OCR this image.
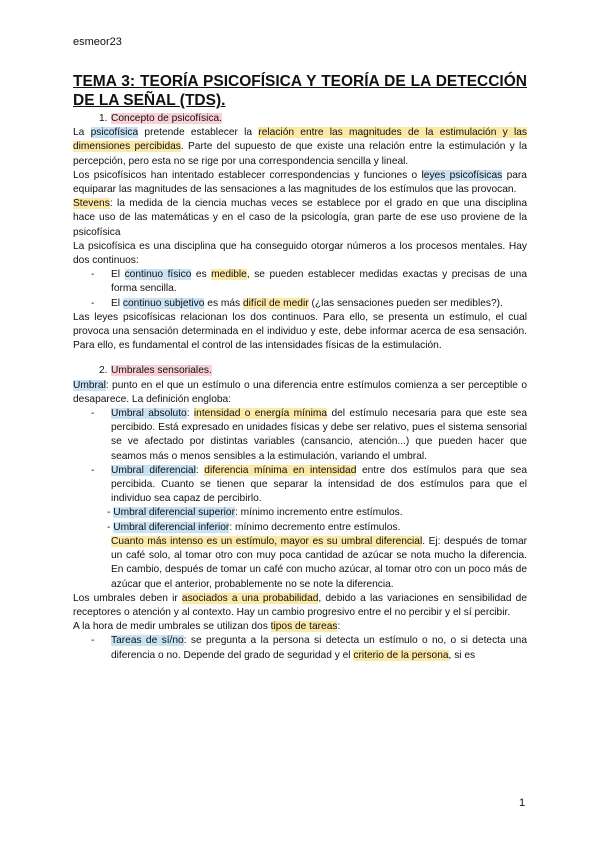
esmeor23
TEMA 3: TEORÍA PSICOFÍSICA Y TEORÍA DE LA DETECCIÓN DE LA SEÑAL (TDS).
1. Concepto de psicofísica.

La psicofísica pretende establecer la relación entre las magnitudes de la estimulación y las dimensiones percibidas. Parte del supuesto de que existe una relación entre la estimulación y la percepción, pero esta no se rige por una correspondencia sencilla y lineal.

Los psicofísicos han intentado establecer correspondencias y funciones o leyes psicofísicas para equiparar las magnitudes de las sensaciones a las magnitudes de los estímulos que las provocan.

Stevens: la medida de la ciencia muchas veces se establece por el grado en que una disciplina hace uso de las matemáticas y en el caso de la psicología, gran parte de ese uso proviene de la psicofísica

La psicofísica es una disciplina que ha conseguido otorgar números a los procesos mentales. Hay dos continuos:

- El continuo físico es medible, se pueden establecer medidas exactas y precisas de una forma sencilla.
- El continuo subjetivo es más difícil de medir (¿las sensaciones pueden ser medibles?).

Las leyes psicofísicas relacionan los dos continuos. Para ello, se presenta un estímulo, el cual provoca una sensación determinada en el individuo y este, debe informar acerca de esa sensación. Para ello, es fundamental el control de las intensidades físicas de la estimulación.

2. Umbrales sensoriales.

Umbral: punto en el que un estímulo o una diferencia entre estímulos comienza a ser perceptible o desaparece. La definición engloba:

- Umbral absoluto: intensidad o energía mínima del estímulo necesaria para que este sea percibido. Está expresado en unidades físicas y debe ser relativo, pues el sistema sensorial se ve afectado por distintas variables (cansancio, atención...) que pueden hacer que seamos más o menos sensibles a la estimulación, variando el umbral.
- Umbral diferencial: diferencia mínima en intensidad entre dos estímulos para que sea percibida. Cuanto se tienen que separar la intensidad de dos estímulos para que el individuo sea capaz de percibirlo.
- Umbral diferencial superior: mínimo incremento entre estímulos.
- Umbral diferencial inferior: mínimo decremento entre estímulos.
Cuanto más intenso es un estímulo, mayor es su umbral diferencial. Ej: después de tomar un café solo, al tomar otro con muy poca cantidad de azúcar se nota mucho la diferencia. En cambio, después de tomar un café con mucho azúcar, al tomar otro con un poco más de azúcar que el anterior, probablemente no se note la diferencia.

Los umbrales deben ir asociados a una probabilidad, debido a las variaciones en sensibilidad de receptores o atención y al contexto. Hay un cambio progresivo entre el no percibir y el sí percibir.

A la hora de medir umbrales se utilizan dos tipos de tareas:

- Tareas de sí/no: se pregunta a la persona si detecta un estímulo o no, o si detecta una diferencia o no. Depende del grado de seguridad y el criterio de la persona, si es
1
